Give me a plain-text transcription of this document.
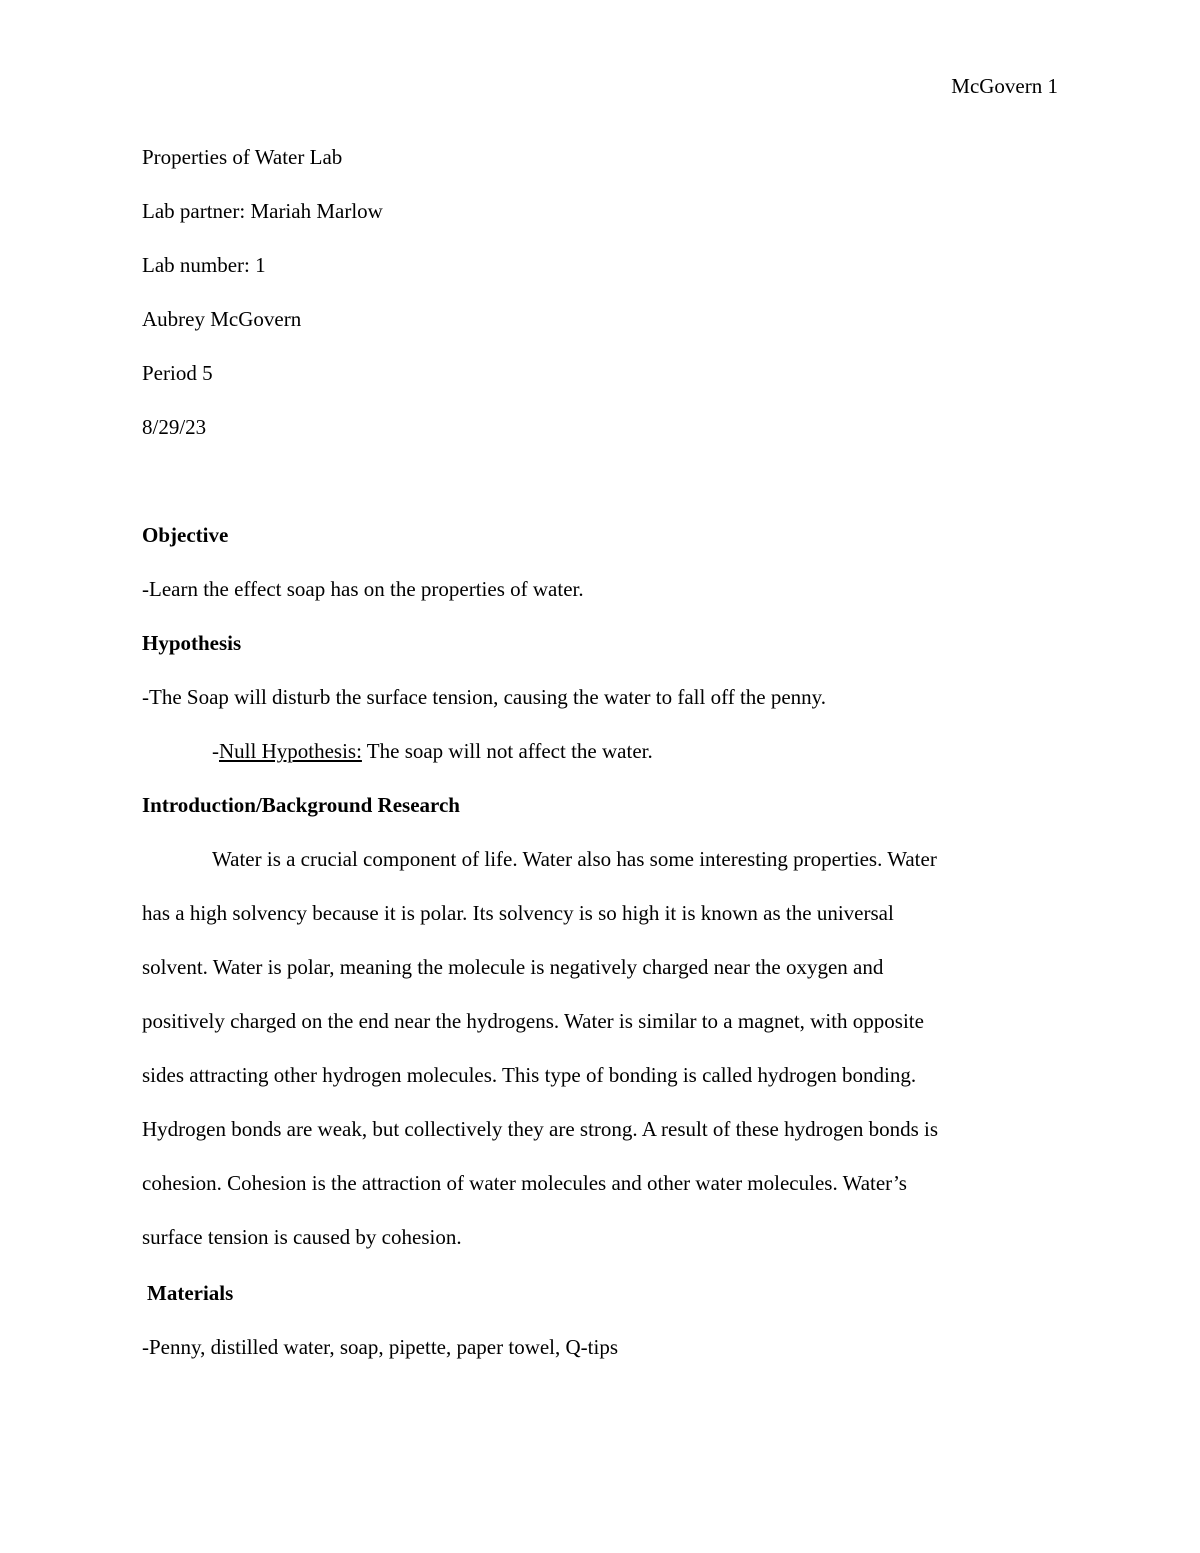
McGovern 1
Properties of Water Lab
Lab partner: Mariah Marlow
Lab number: 1
Aubrey McGovern
Period 5
8/29/23
Objective
-Learn the effect soap has on the properties of water.
Hypothesis
-The Soap will disturb the surface tension, causing the water to fall off the penny.
-Null Hypothesis: The soap will not affect the water.
Introduction/Background Research
Water is a crucial component of life. Water also has some interesting properties. Water
has a high solvency because it is polar. Its solvency is so high it is known as the universal
solvent. Water is polar, meaning the molecule is negatively charged near the oxygen and
positively charged on the end near the hydrogens. Water is similar to a magnet, with opposite
sides attracting other hydrogen molecules. This type of bonding is called hydrogen bonding.
Hydrogen bonds are weak, but collectively they are strong. A result of these hydrogen bonds is
cohesion. Cohesion is the attraction of water molecules and other water molecules. Water’s
surface tension is caused by cohesion.
Materials
-Penny, distilled water, soap, pipette, paper towel, Q-tips
